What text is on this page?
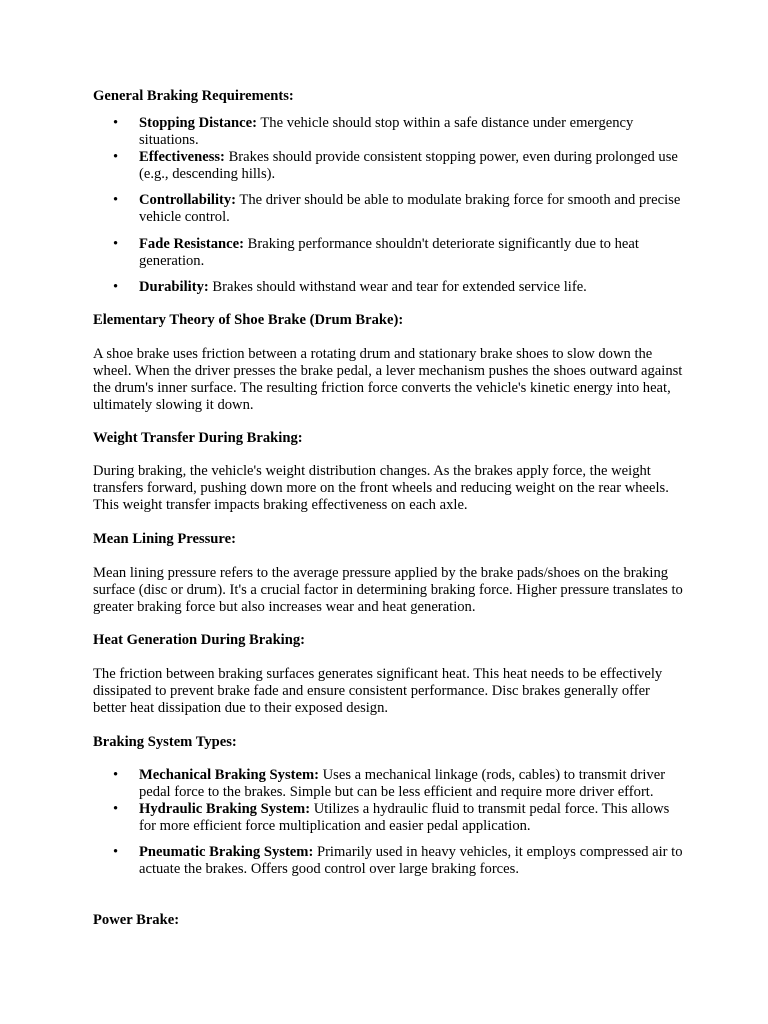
General Braking Requirements:
• Stopping Distance: The vehicle should stop within a safe distance under emergency situations.
• Effectiveness: Brakes should provide consistent stopping power, even during prolonged use (e.g., descending hills).
• Controllability: The driver should be able to modulate braking force for smooth and precise vehicle control.
• Fade Resistance: Braking performance shouldn't deteriorate significantly due to heat generation.
• Durability: Brakes should withstand wear and tear for extended service life.
Elementary Theory of Shoe Brake (Drum Brake):

A shoe brake uses friction between a rotating drum and stationary brake shoes to slow down the wheel. When the driver presses the brake pedal, a lever mechanism pushes the shoes outward against the drum's inner surface. The resulting friction force converts the vehicle's kinetic energy into heat, ultimately slowing it down.

Weight Transfer During Braking:

During braking, the vehicle's weight distribution changes. As the brakes apply force, the weight transfers forward, pushing down more on the front wheels and reducing weight on the rear wheels. This weight transfer impacts braking effectiveness on each axle.

Mean Lining Pressure:

Mean lining pressure refers to the average pressure applied by the brake pads/shoes on the braking surface (disc or drum). It's a crucial factor in determining braking force. Higher pressure translates to greater braking force but also increases wear and heat generation.

Heat Generation During Braking:

The friction between braking surfaces generates significant heat. This heat needs to be effectively dissipated to prevent brake fade and ensure consistent performance. Disc brakes generally offer better heat dissipation due to their exposed design.

Braking System Types:
• Mechanical Braking System: Uses a mechanical linkage (rods, cables) to transmit driver pedal force to the brakes. Simple but can be less efficient and require more driver effort.
• Hydraulic Braking System: Utilizes a hydraulic fluid to transmit pedal force. This allows for more efficient force multiplication and easier pedal application.
• Pneumatic Braking System: Primarily used in heavy vehicles, it employs compressed air to actuate the brakes. Offers good control over large braking forces.
Power Brake:
